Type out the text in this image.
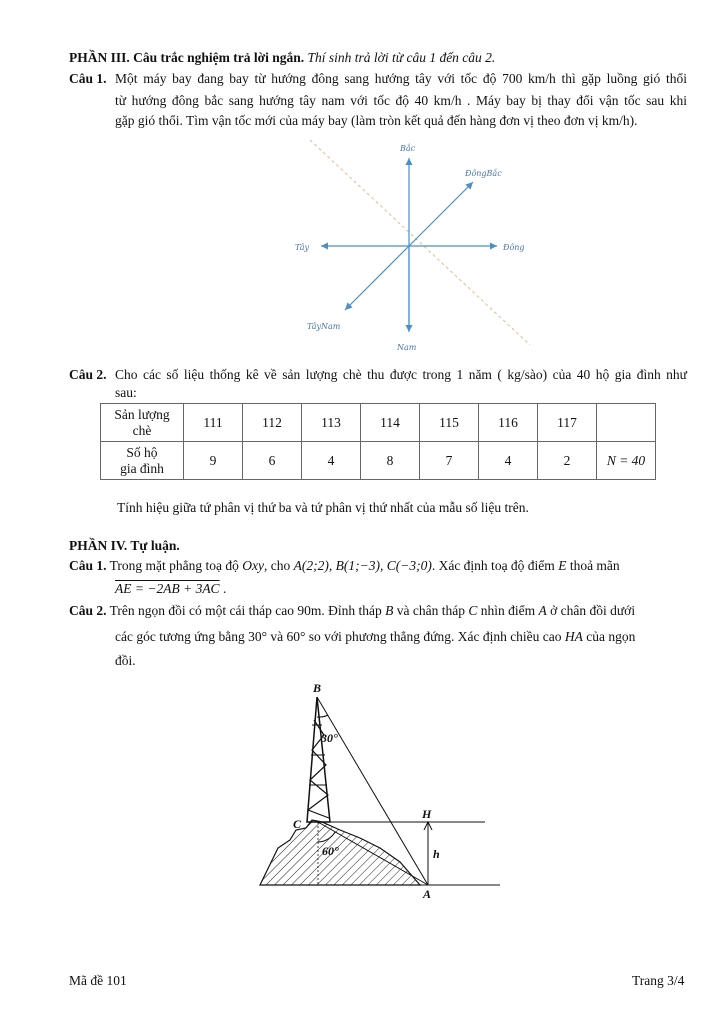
PHẦN III. Câu trắc nghiệm trả lời ngắn. Thí sinh trả lời từ câu 1 đến câu 2.
Câu 1. Một máy bay đang bay từ hướng đông sang hướng tây với tốc độ 700 km/h thì gặp luồng gió thổi
từ hướng đông bắc sang hướng tây nam với tốc độ 40 km/h . Máy bay bị thay đổi vận tốc sau khi
gặp gió thổi. Tìm vận tốc mới của máy bay (làm tròn kết quả đến hàng đơn vị theo đơn vị km/h).
Bắc
Nam
Đông
Tây
ĐôngBắc
TâyNam
Câu 2. Cho các số liệu thống kê về sản lượng chè thu được trong 1 năm ( kg/sào) của 40 hộ gia đình như
sau:
Sản lượng
chè	111	112	113	114	115	116	117	
Số hộ
gia đình	9	6	4	8	7	4	2	N = 40
Tính hiệu giữa tứ phân vị thứ ba và tứ phân vị thứ nhất của mẫu số liệu trên.
PHẦN IV. Tự luận.
Câu 1. Trong mặt phẳng toạ độ Oxy, cho A(2;2), B(1;−3), C(−3;0). Xác định toạ độ điểm E thoả mãn
AE = −2AB + 3AC .
Câu 2. Trên ngọn đồi có một cái tháp cao 90m. Đỉnh tháp B và chân tháp C nhìn điểm A ở chân đồi dưới
các góc tương ứng bằng 30° và 60° so với phương thẳng đứng. Xác định chiều cao HA của ngọn
đồi.
B
C
H
h
A
30°
60°
Mã đề 101	Trang 3/4
